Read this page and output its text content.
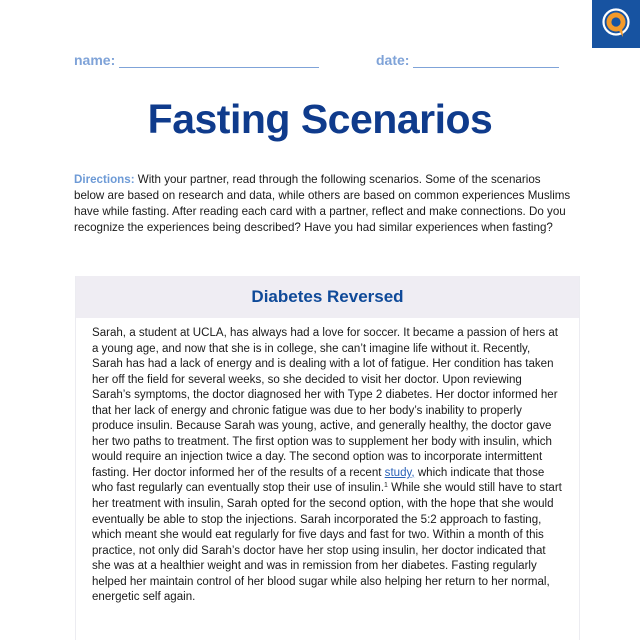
name:	date:
Fasting Scenarios
Directions: With your partner, read through the following scenarios. Some of the scenarios below are based on research and data, while others are based on common experiences Muslims have while fasting. After reading each card with a partner, reflect and make connections. Do you recognize the experiences being described? Have you had similar experiences when fasting?
Diabetes Reversed
Sarah, a student at UCLA, has always had a love for soccer. It became a passion of hers at a young age, and now that she is in college, she can’t imagine life without it. Recently, Sarah has had a lack of energy and is dealing with a lot of fatigue. Her condition has taken her off the field for several weeks, so she decided to visit her doctor. Upon reviewing Sarah’s symptoms, the doctor diagnosed her with Type 2 diabetes. Her doctor informed her that her lack of energy and chronic fatigue was due to her body’s inability to properly produce insulin. Because Sarah was young, active, and generally healthy, the doctor gave her two paths to treatment. The first option was to supplement her body with insulin, which would require an injection twice a day. The second option was to incorporate intermittent fasting. Her doctor informed her of the results of a recent study, which indicate that those who fast regularly can eventually stop their use of insulin.$^1$ While she would still have to start her treatment with insulin, Sarah opted for the second option, with the hope that she would eventually be able to stop the injections. Sarah incorporated the 5:2 approach to fasting, which meant she would eat regularly for five days and fast for two. Within a month of this practice, not only did Sarah’s doctor have her stop using insulin, her doctor indicated that she was at a healthier weight and was in remission from her diabetes. Fasting regularly helped her maintain control of her blood sugar while also helping her return to her normal, energetic self again.
